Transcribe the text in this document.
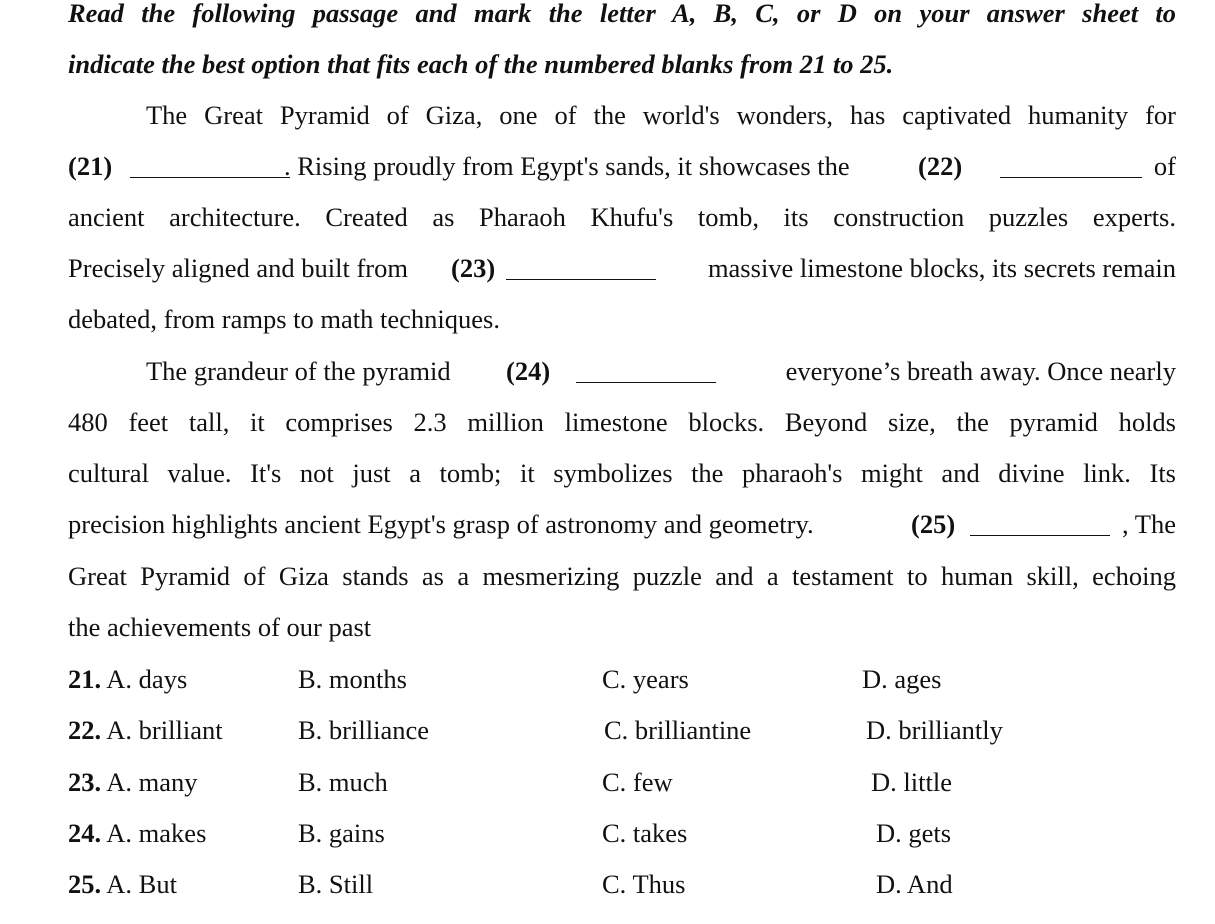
Read the following passage and mark the letter A, B, C, or D on your answer sheet to
indicate the best option that fits each of the numbered blanks from 21 to 25.
The Great Pyramid of Giza, one of the world's wonders, has captivated humanity for
(21)	. Rising proudly from Egypt's sands, it showcases the	(22)	of
ancient architecture. Created as Pharaoh Khufu's tomb, its construction puzzles experts.
Precisely aligned and built from (23)	massive limestone blocks, its secrets remain
debated, from ramps to math techniques.
The grandeur of the pyramid (24)	everyone’s breath away. Once nearly
480 feet tall, it comprises 2.3 million limestone blocks. Beyond size, the pyramid holds
cultural value. It's not just a tomb; it symbolizes the pharaoh's might and divine link. Its
precision highlights ancient Egypt's grasp of astronomy and geometry.	(25)	, The
Great Pyramid of Giza stands as a mesmerizing puzzle and a testament to human skill, echoing
the achievements of our past
21. A. days	B. months	C. years	D. ages
22. A. brilliant	B. brilliance	C. brilliantine	D. brilliantly
23. A. many	B. much	C. few	D. little
24. A. makes	B. gains	C. takes	D. gets
25. A. But	B. Still	C. Thus	D. And
